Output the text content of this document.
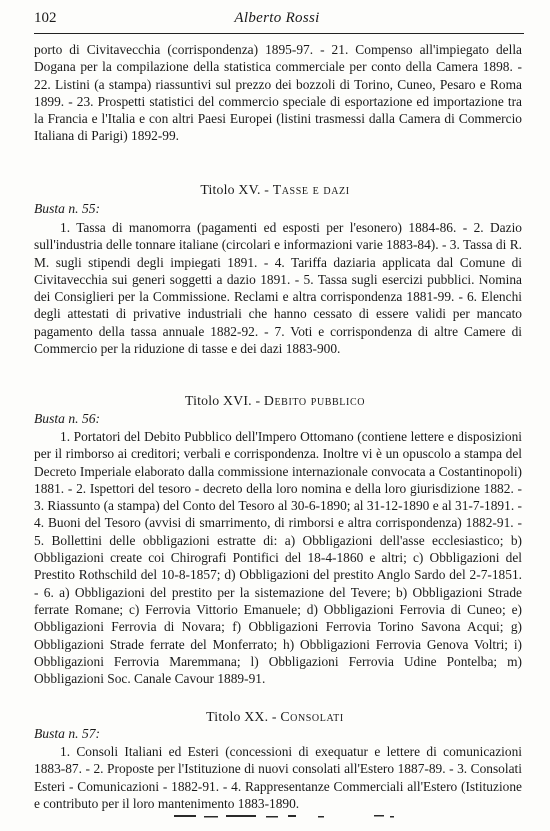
102	Alberto Rossi

porto di Civitavecchia (corrispondenza) 1895-97. - 21. Compenso all'impiegato della Dogana per la compilazione della statistica commerciale per conto della Camera 1898. - 22. Listini (a stampa) riassuntivi sul prezzo dei bozzoli di Torino, Cuneo, Pesaro e Roma 1899. - 23. Prospetti statistici del commercio speciale di esportazione ed importazione tra la Francia e l'Italia e con altri Paesi Europei (listini trasmessi dalla Camera di Commercio Italiana di Parigi) 1892-99.

Titolo XV. - Tasse e dazi
Busta n. 55:

1. Tassa di manomorra (pagamenti ed esposti per l'esonero) 1884-86. - 2. Dazio sull'industria delle tonnare italiane (circolari e informazioni varie 1883-84). - 3. Tassa di R. M. sugli stipendi degli impiegati 1891. - 4. Tariffa daziaria applicata dal Comune di Civitavecchia sui generi soggetti a dazio 1891. - 5. Tassa sugli esercizi pubblici. Nomina dei Consiglieri per la Commissione. Reclami e altra corrispondenza 1881-99. - 6. Elenchi degli attestati di privative industriali che hanno cessato di essere validi per mancato pagamento della tassa annuale 1882-92. - 7. Voti e corrispondenza di altre Camere di Commercio per la riduzione di tasse e dei dazi 1883-900.

Titolo XVI. - Debito pubblico
Busta n. 56:

1. Portatori del Debito Pubblico dell'Impero Ottomano (contiene lettere e disposizioni per il rimborso ai creditori; verbali e corrispondenza. Inoltre vi è un opuscolo a stampa del Decreto Imperiale elaborato dalla commissione internazionale convocata a Costantinopoli) 1881. - 2. Ispettori del tesoro - decreto della loro nomina e della loro giurisdizione 1882. - 3. Riassunto (a stampa) del Conto del Tesoro al 30-6-1890; al 31-12-1890 e al 31-7-1891. - 4. Buoni del Tesoro (avvisi di smarrimento, di rimborsi e altra corrispondenza) 1882-91. - 5. Bollettini delle obbligazioni estratte di: a) Obbligazioni dell'asse ecclesiastico; b) Obbligazioni create coi Chirografi Pontifici del 18-4-1860 e altri; c) Obbligazioni del Prestito Rothschild del 10-8-1857; d) Obbligazioni del prestito Anglo Sardo del 2-7-1851. - 6. a) Obbligazioni del prestito per la sistemazione del Tevere; b) Obbligazioni Strade ferrate Romane; c) Ferrovia Vittorio Emanuele; d) Obbligazioni Ferrovia di Cuneo; e) Obbligazioni Ferrovia di Novara; f) Obbligazioni Ferrovia Torino Savona Acqui; g) Obbligazioni Strade ferrate del Monferrato; h) Obbligazioni Ferrovia Genova Voltri; i) Obbligazioni Ferrovia Maremmana; l) Obbligazioni Ferrovia Udine Pontelba; m) Obbligazioni Soc. Canale Cavour 1889-91.

Titolo XX. - Consolati
Busta n. 57:

1. Consoli Italiani ed Esteri (concessioni di exequatur e lettere di comunicazioni 1883-87. - 2. Proposte per l'Istituzione di nuovi consolati all'Estero 1887-89. - 3. Consolati Esteri - Comunicazioni - 1882-91. - 4. Rappresentanze Commerciali all'Estero (Istituzione e contributo per il loro mantenimento 1883-1890.
